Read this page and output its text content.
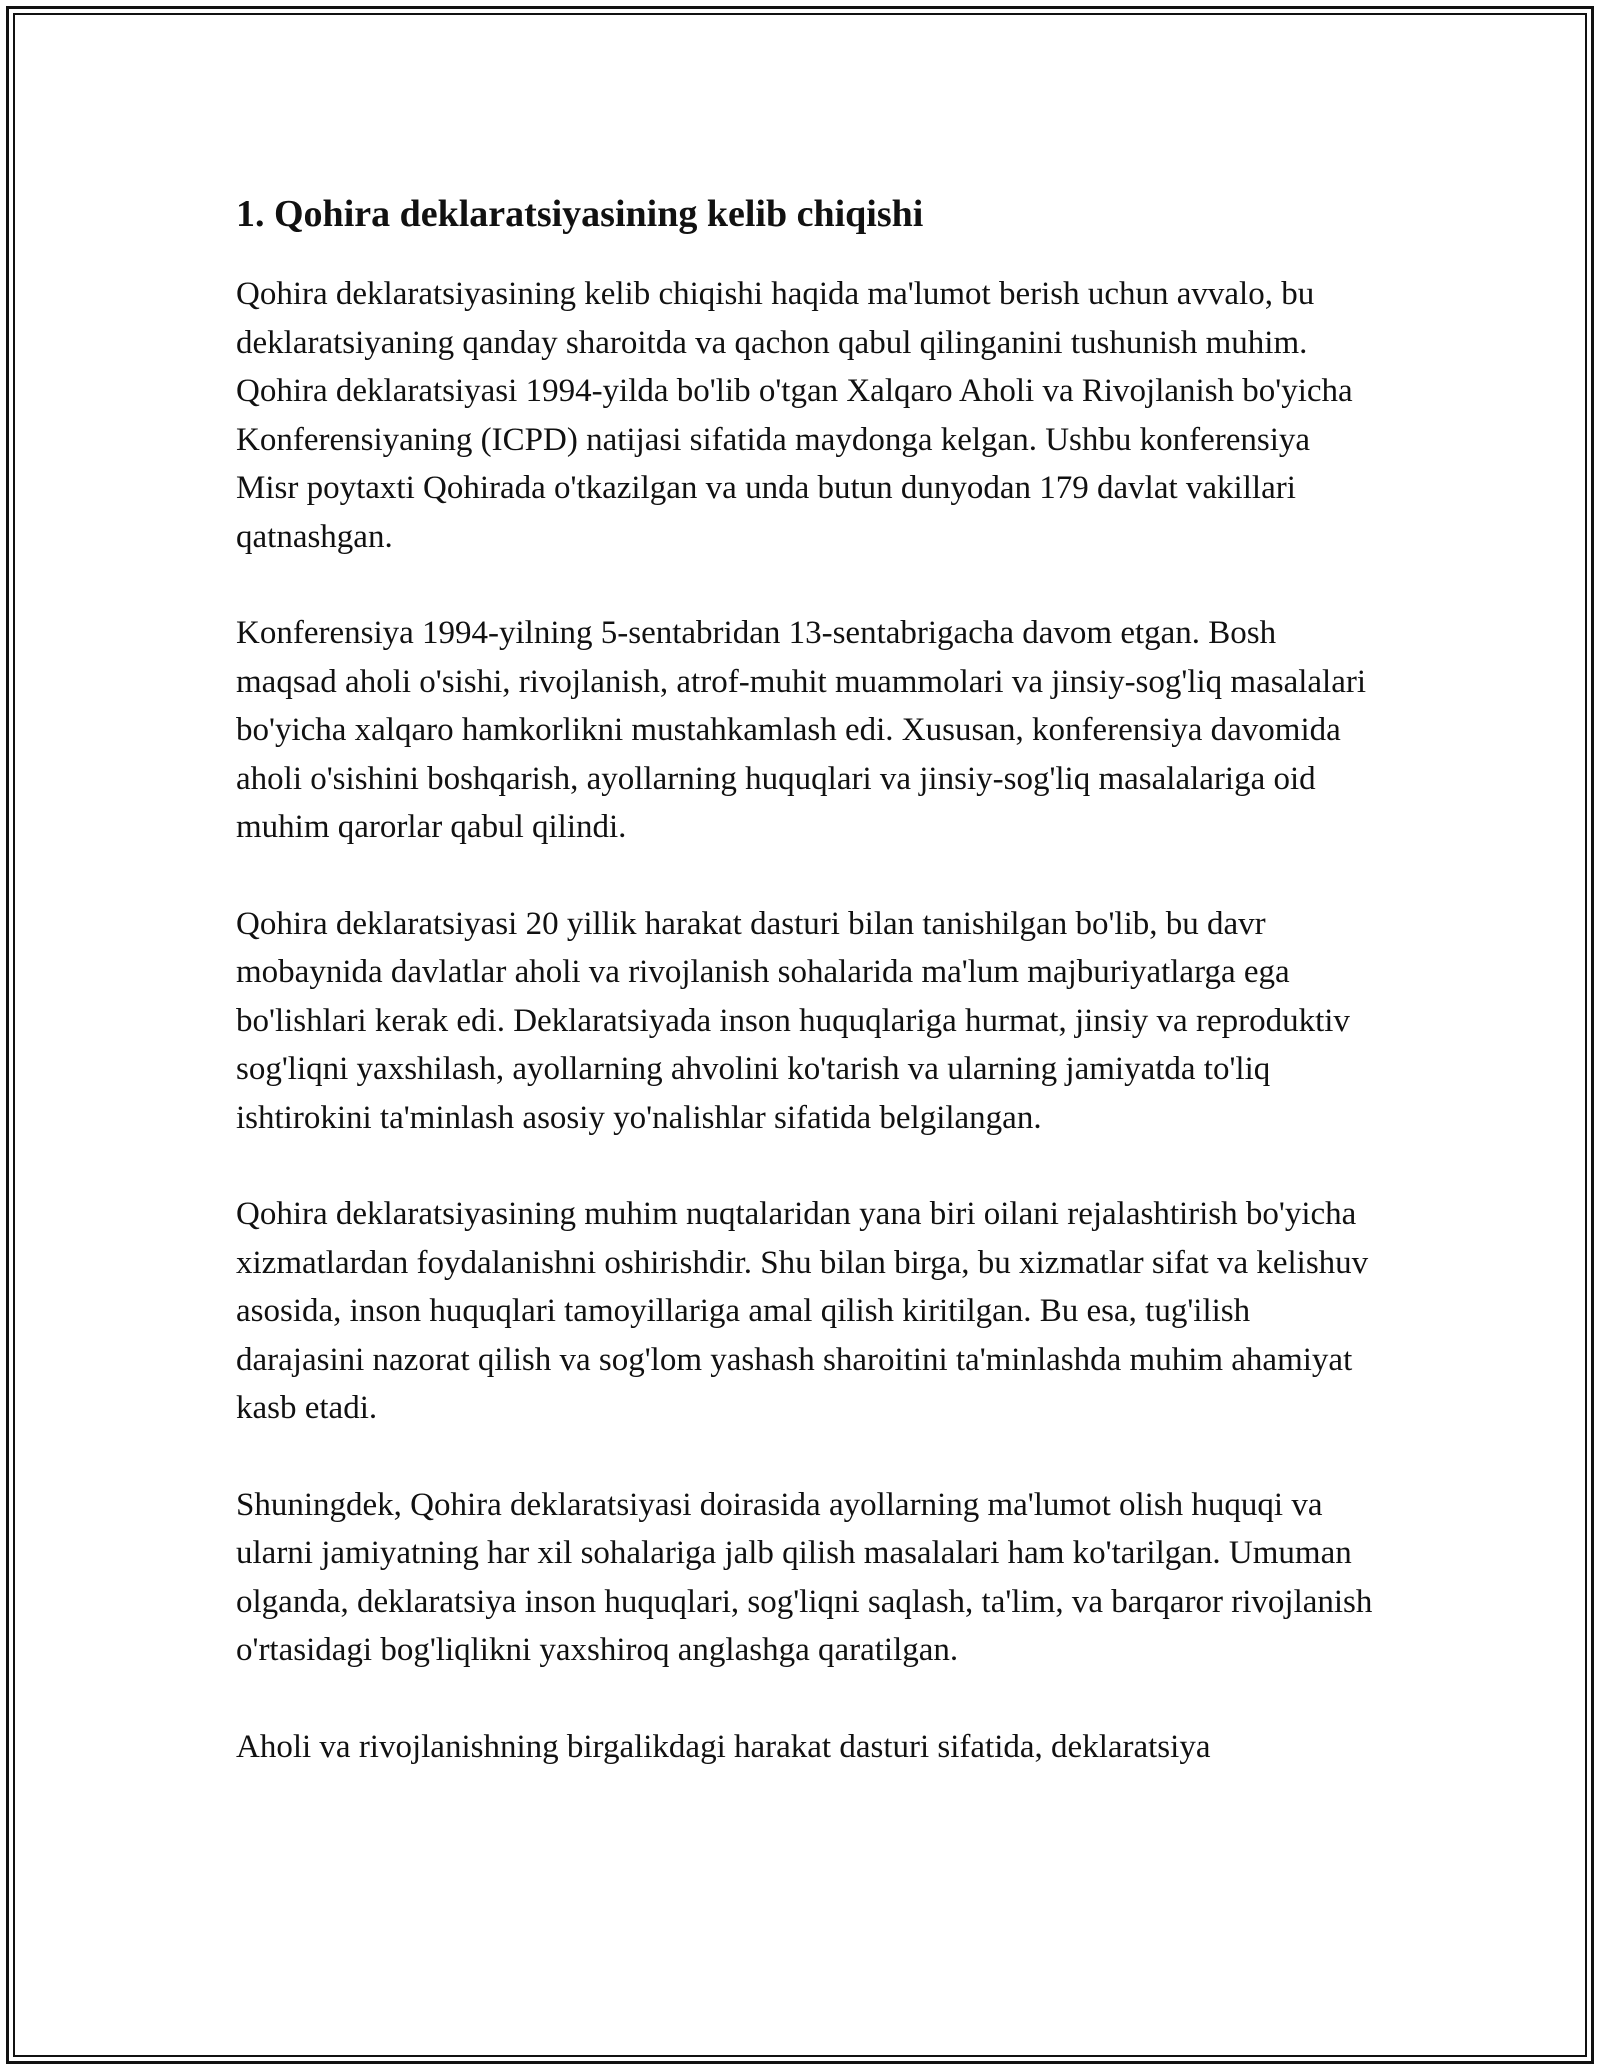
1. Qohira deklaratsiyasining kelib chiqishi

Qohira deklaratsiyasining kelib chiqishi haqida ma'lumot berish uchun avvalo, bu deklaratsiyaning qanday sharoitda va qachon qabul qilinganini tushunish muhim. Qohira deklaratsiyasi 1994-yilda bo'lib o'tgan Xalqaro Aholi va Rivojlanish bo'yicha Konferensiyaning (ICPD) natijasi sifatida maydonga kelgan. Ushbu konferensiya Misr poytaxti Qohirada o'tkazilgan va unda butun dunyodan 179 davlat vakillari qatnashgan.

Konferensiya 1994-yilning 5-sentabridan 13-sentabrigacha davom etgan. Bosh maqsad aholi o'sishi, rivojlanish, atrof-muhit muammolari va jinsiy-sog'liq masalalari bo'yicha xalqaro hamkorlikni mustahkamlash edi. Xususan, konferensiya davomida aholi o'sishini boshqarish, ayollarning huquqlari va jinsiy-sog'liq masalalariga oid muhim qarorlar qabul qilindi.

Qohira deklaratsiyasi 20 yillik harakat dasturi bilan tanishilgan bo'lib, bu davr mobaynida davlatlar aholi va rivojlanish sohalarida ma'lum majburiyatlarga ega bo'lishlari kerak edi. Deklaratsiyada inson huquqlariga hurmat, jinsiy va reproduktiv sog'liqni yaxshilash, ayollarning ahvolini ko'tarish va ularning jamiyatda to'liq ishtirokini ta'minlash asosiy yo'nalishlar sifatida belgilangan.

Qohira deklaratsiyasining muhim nuqtalaridan yana biri oilani rejalashtirish bo'yicha xizmatlardan foydalanishni oshirishdir. Shu bilan birga, bu xizmatlar sifat va kelishuv asosida, inson huquqlari tamoyillariga amal qilish kiritilgan. Bu esa, tug'ilish darajasini nazorat qilish va sog'lom yashash sharoitini ta'minlashda muhim ahamiyat kasb etadi.

Shuningdek, Qohira deklaratsiyasi doirasida ayollarning ma'lumot olish huquqi va ularni jamiyatning har xil sohalariga jalb qilish masalalari ham ko'tarilgan. Umuman olganda, deklaratsiya inson huquqlari, sog'liqni saqlash, ta'lim, va barqaror rivojlanish o'rtasidagi bog'liqlikni yaxshiroq anglashga qaratilgan.

Aholi va rivojlanishning birgalikdagi harakat dasturi sifatida, deklaratsiya
